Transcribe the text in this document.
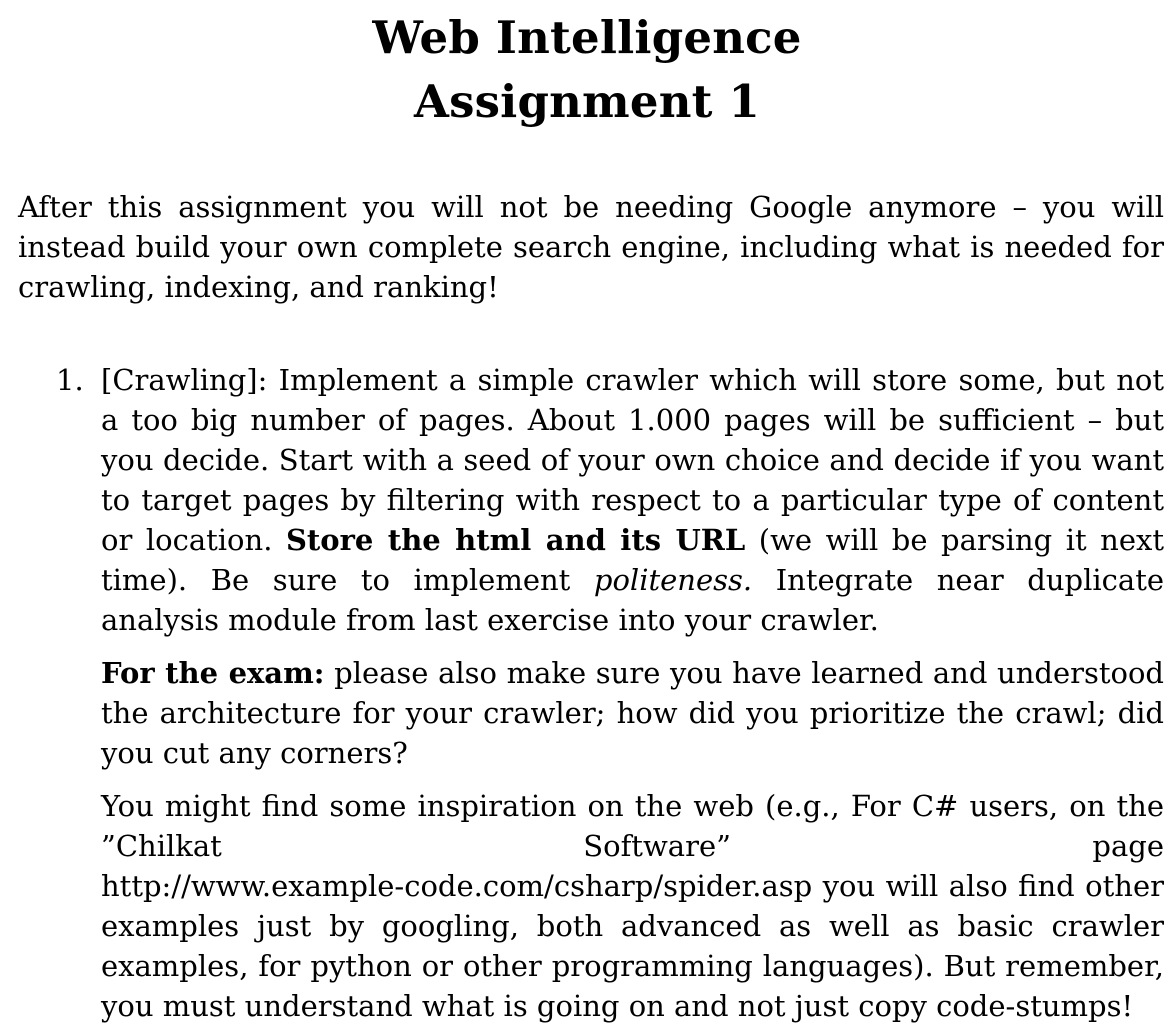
Web Intelligence
Assignment 1

After this assignment you will not be needing Google anymore – you will instead build your own complete search engine, including what is needed for crawling, indexing, and ranking!

1. [Crawling]: Implement a simple crawler which will store some, but not a too big number of pages. About 1.000 pages will be sufficient – but you decide. Start with a seed of your own choice and decide if you want to target pages by filtering with respect to a particular type of content or location. Store the html and its URL (we will be parsing it next time). Be sure to implement politeness. Integrate near duplicate analysis module from last exercise into your crawler.

For the exam: please also make sure you have learned and understood the architecture for your crawler; how did you prioritize the crawl; did you cut any corners?

You might find some inspiration on the web (e.g., For C# users, on the ”Chilkat Software” page http://www.example-code.com/csharp/spider.asp you will also find other examples just by googling, both advanced as well as basic crawler examples, for python or other programming languages). But remember, you must understand what is going on and not just copy code-stumps!
